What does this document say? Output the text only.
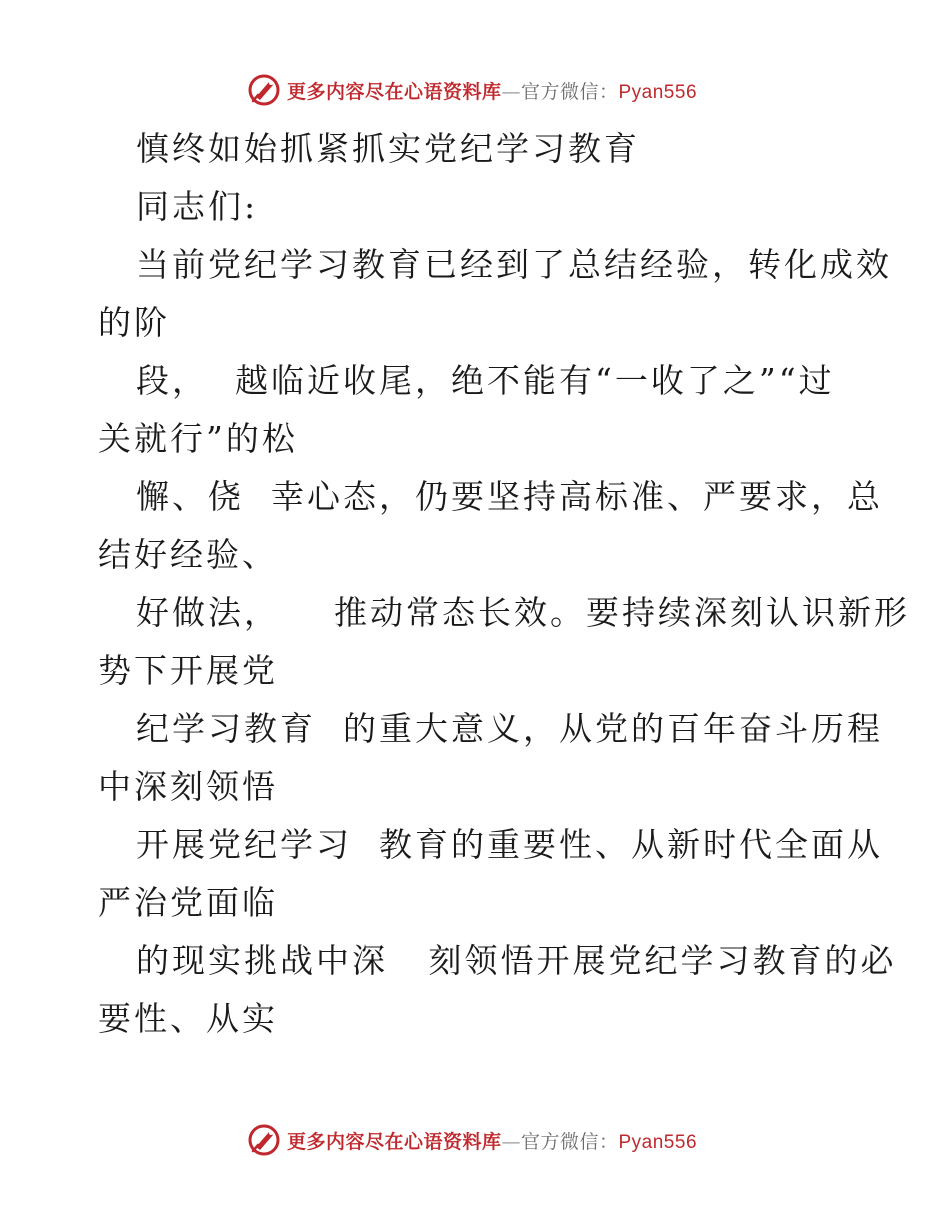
更多内容尽在心语资料库—官方微信：Pyan556
慎终如始抓紧抓实党纪学习教育
同志们:
当前党纪学习教育已经到了总结经验，转化成效
的阶
段，  越临近收尾，绝不能有“一收了之”“过
关就行”的松
懈、侥  幸心态，仍要坚持高标准、严要求，总
结好经验、
好做法，    推动常态长效。要持续深刻认识新形
势下开展党
纪学习教育  的重大意义，从党的百年奋斗历程
中深刻领悟
开展党纪学习  教育的重要性、从新时代全面从
严治党面临
的现实挑战中深   刻领悟开展党纪学习教育的必
要性、从实
更多内容尽在心语资料库—官方微信：Pyan556
